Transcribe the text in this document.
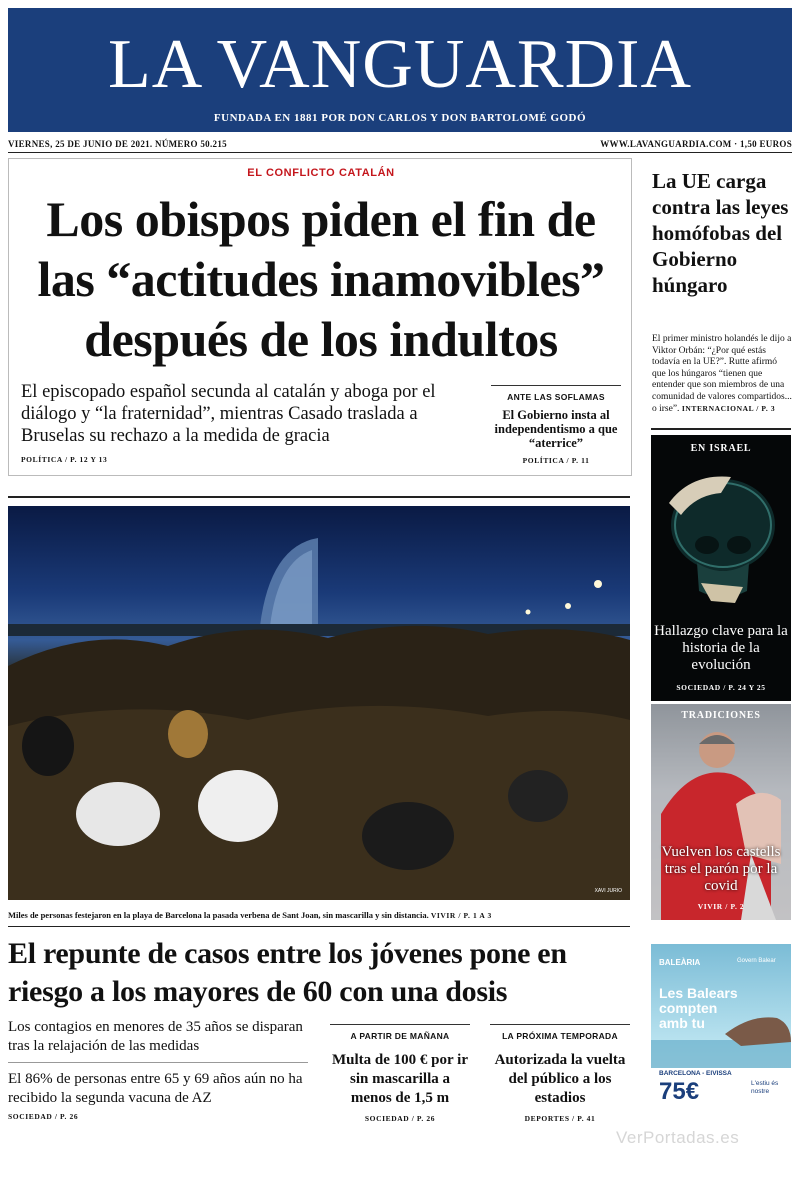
LA VANGUARDIA
FUNDADA EN 1881 POR DON CARLOS Y DON BARTOLOMÉ GODÓ
VIERNES, 25 DE JUNIO DE 2021. NÚMERO 50.215	WWW.LAVANGUARDIA.COM · 1,50 EUROS
EL CONFLICTO CATALÁN
Los obispos piden el fin de las “actitudes inamovibles” después de los indultos
El episcopado español secunda al catalán y aboga por el diálogo y “la fraternidad”, mientras Casado traslada a Bruselas su rechazo a la medida de gracia
POLÍTICA / P. 12 Y 13
ANTE LAS SOFLAMAS
El Gobierno insta al independentismo a que “aterrice”
POLÍTICA / P. 11
La UE carga contra las leyes homófobas del Gobierno húngaro
El primer ministro holandés le dijo a Viktor Orbán: “¿Por qué estás todavía en la UE?”. Rutte afirmó que los húngaros “tienen que entender que son miembros de una comunidad de valores compartidos... o irse”. INTERNACIONAL / P. 3
EN ISRAEL
Hallazgo clave para la historia de la evolución
SOCIEDAD / P. 24 Y 25
TRADICIONES
Vuelven los castells tras el parón por la covid
VIVIR / P. 2
BALEÀRIA	Govern Balear
Les Balears compten amb tu
BARCELONA - EIVISSA
75€	L'estiu és nostre
XAVI JURIO
Miles de personas festejaron en la playa de Barcelona la pasada verbena de Sant Joan, sin mascarilla y sin distancia. VIVIR / P. 1 A 3
El repunte de casos entre los jóvenes pone en riesgo a los mayores de 60 con una dosis
Los contagios en menores de 35 años se disparan tras la relajación de las medidas
El 86% de personas entre 65 y 69 años aún no ha recibido la segunda vacuna de AZ
SOCIEDAD / P. 26
A PARTIR DE MAÑANA
Multa de 100 € por ir sin mascarilla a menos de 1,5 m
SOCIEDAD / P. 26
LA PRÓXIMA TEMPORADA
Autorizada la vuelta del público a los estadios
DEPORTES / P. 41
VerPortadas.es
